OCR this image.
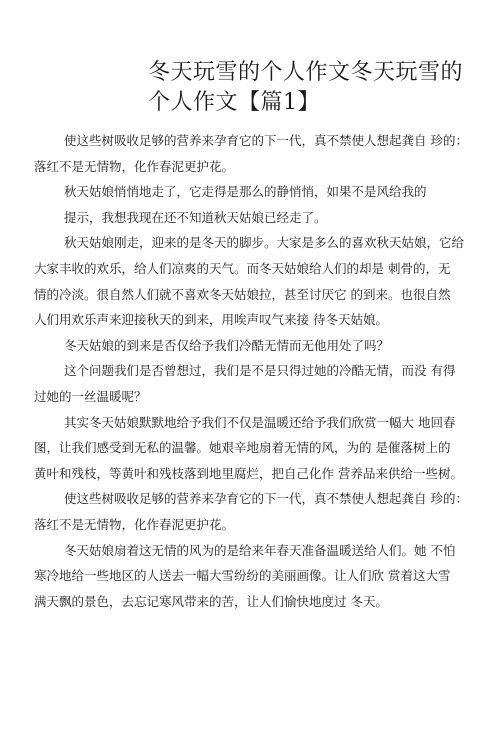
冬天玩雪的个人作文冬天玩雪的
个人作文【篇1】
使这些树吸收足够的营养来孕育它的下一代，真不禁使人想起龚自 珍的：
落红不是无情物，化作春泥更护花。
秋天姑娘悄悄地走了，它走得是那么的静悄悄，如果不是风给我的
提示，我想我现在还不知道秋天姑娘已经走了。
秋天姑娘刚走，迎来的是冬天的脚步。大家是多么的喜欢秋天姑娘，它给
大家丰收的欢乐，给人们凉爽的天气。而冬天姑娘给人们的却是 刺骨的，无
情的冷淡。很自然人们就不喜欢冬天姑娘拉，甚至讨厌它 的到来。也很自然
人们用欢乐声来迎接秋天的到来，用唉声叹气来接 待冬天姑娘。
冬天姑娘的到来是否仅给予我们冷酷无情而无他用处了吗？
这个问题我们是否曾想过，我们是不是只得过她的冷酷无情，而没 有得
过她的一丝温暖呢？
其实冬天姑娘默默地给予我们不仅是温暖还给予我们欣赏一幅大 地回春
图，让我们感受到无私的温馨。她艰辛地扇着无情的风，为的 是催落树上的
黄叶和残枝，等黄叶和残枝落到地里腐烂，把自己化作 营养品来供给一些树。
使这些树吸收足够的营养来孕育它的下一代，真不禁使人想起龚自 珍的：
落红不是无情物，化作春泥更护花。
冬天姑娘扇着这无情的风为的是给来年春天准备温暖送给人们。她 不怕
寒冷地给一些地区的人送去一幅大雪纷纷的美丽画像。让人们欣 赏着这大雪
满天飘的景色，去忘记寒风带来的苦，让人们愉快地度过 冬天。
